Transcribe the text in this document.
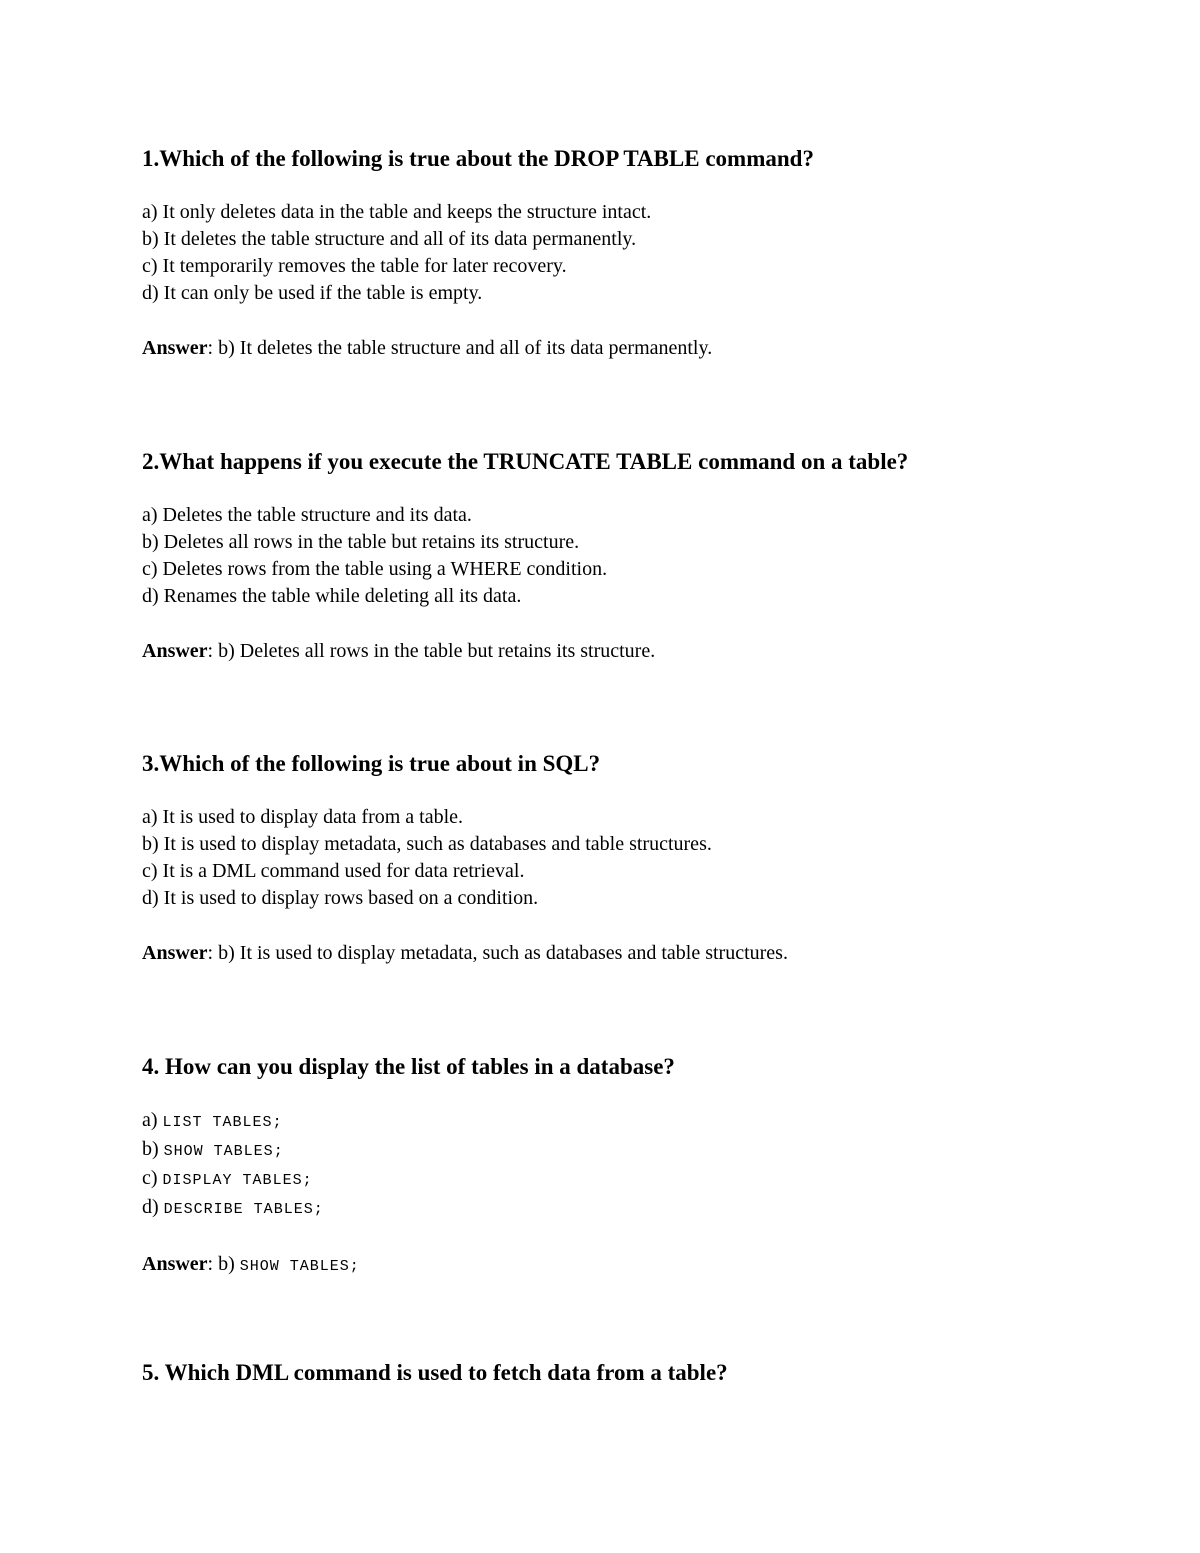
1.Which of the following is true about the DROP TABLE command?

a) It only deletes data in the table and keeps the structure intact.
b) It deletes the table structure and all of its data permanently.
c) It temporarily removes the table for later recovery.
d) It can only be used if the table is empty.
Answer: b) It deletes the table structure and all of its data permanently.

2.What happens if you execute the TRUNCATE TABLE command on a table?

a) Deletes the table structure and its data.
b) Deletes all rows in the table but retains its structure.
c) Deletes rows from the table using a WHERE condition.
d) Renames the table while deleting all its data.
Answer: b) Deletes all rows in the table but retains its structure.

3.Which of the following is true about in SQL?

a) It is used to display data from a table.
b) It is used to display metadata, such as databases and table structures.
c) It is a DML command used for data retrieval.
d) It is used to display rows based on a condition.
Answer: b) It is used to display metadata, such as databases and table structures.

4. How can you display the list of tables in a database?

a) LIST TABLES;
b) SHOW TABLES;
c) DISPLAY TABLES;
d) DESCRIBE TABLES;
Answer: b) SHOW TABLES;

5. Which DML command is used to fetch data from a table?
